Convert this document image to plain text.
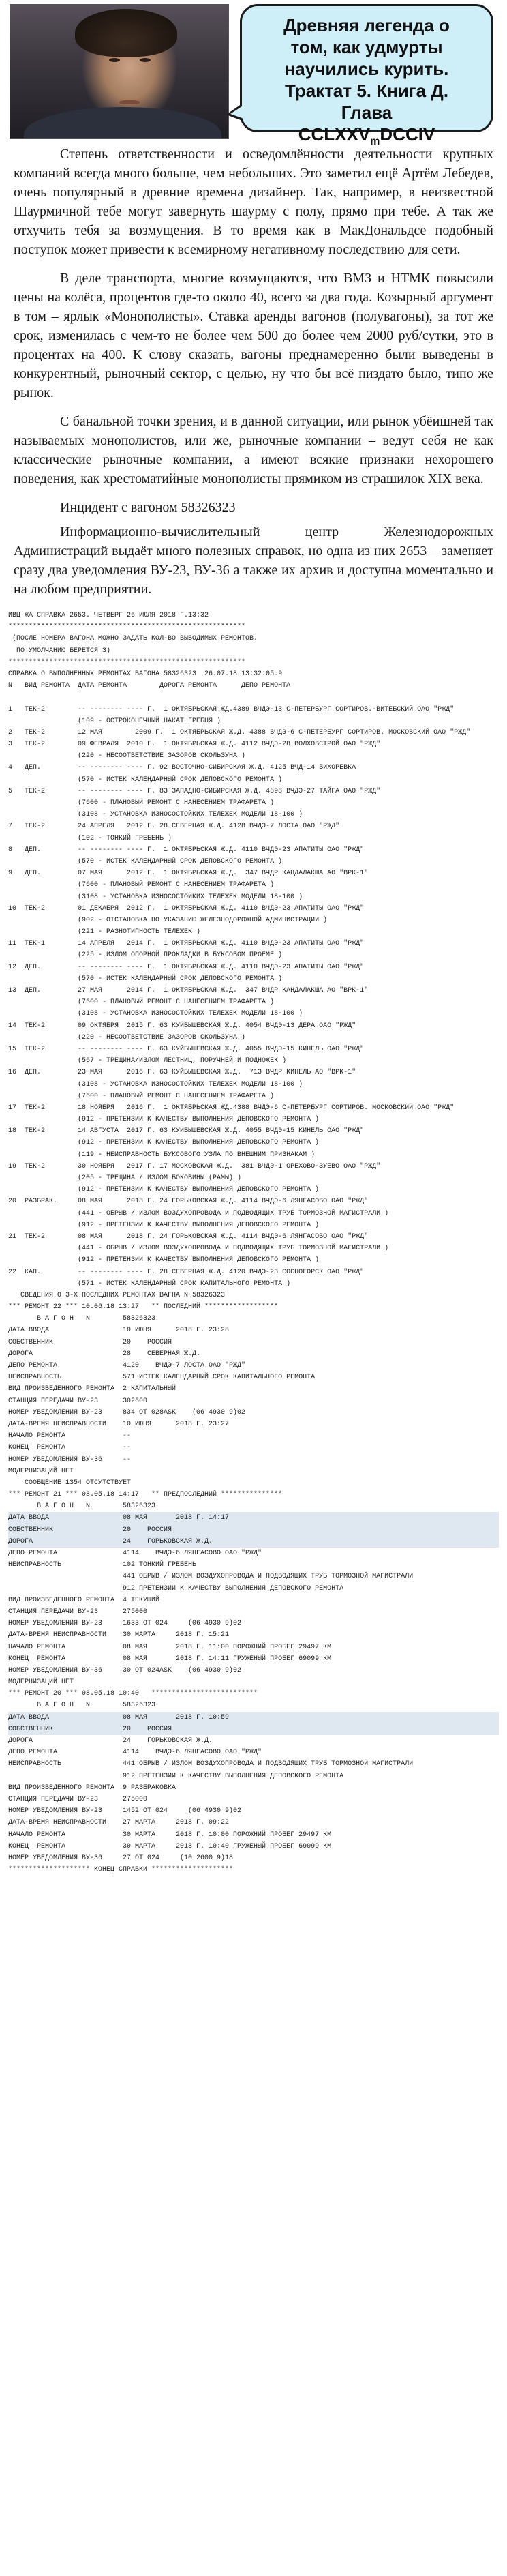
Древняя легенда о
том, как удмурты
научились курить.
Трактат 5. Книга Д.
Глава
$CCLXXV_mDCCIV$

Степень ответственности и осведомлённости деятельности крупных компаний всегда много больше, чем небольших. Это заметил ещё Артём Лебедев, очень популярный в древние времена дизайнер. Так, например, в неизвестной Шаурмичной тебе могут завернуть шаурму с полу, прямо при тебе. А так же отхучить тебя за возмущения. В то время как в МакДональдсе подобный поступок может привести к всемирному негативному последствию для сети.

В деле транспорта, многие возмущаются, что ВМЗ и НТМК повысили цены на колёса, процентов где-то около 40, всего за два года. Козырный аргумент в том – ярлык «Монополисты». Ставка аренды вагонов (полувагоны), за тот же срок, изменилась с чем-то не более чем 500 до более чем 2000 руб/сутки, это в процентах на 400. К слову сказать, вагоны преднамеренно были выведены в конкурентный, рыночный сектор, с целью, ну что бы всё пиздато было, типо же рынок.

С банальной точки зрения, и в данной ситуации, или рынок убёишней так называемых монополистов, или же, рыночные компании – ведут себя не как классические рыночные компании, а имеют всякие признаки нехорошего поведения, как хрестоматийные монополисты прямиком из страшилок XIX века.

Инцидент с вагоном 58326323

Информационно-вычислительный центр Железнодорожных Администраций выдаёт много полезных справок, но одна из них 2653 – заменяет сразу два уведомления ВУ-23, ВУ-36 а также их архив и доступна моментально и на любом предприятии.

ИВЦ ЖА СПРАВКА 2653. ЧЕТВЕРГ 26 ИЮЛЯ 2018 Г.13:32
**********************************************************
(ПОСЛЕ НОМЕРА ВАГОНА МОЖНО ЗАДАТЬ КОЛ-ВО ВЫВОДИМЫХ РЕМОНТОВ.
ПО УМОЛЧАНИЮ БЕРЕТСЯ 3)
**********************************************************
СПРАВКА О ВЫПОЛНЕННЫХ РЕМОНТАХ ВАГОНА 58326323  26.07.18 13:32:05.9
N   ВИД РЕМОНТА  ДАТА РЕМОНТА        ДОРОГА РЕМОНТА      ДЕПО РЕМОНТА
1   ТЕК-2        -- -------- ---- Г.  1 ОКТЯБРЬСКАЯ ЖД.4389 ВЧДЭ-13 С-ПЕТЕРБУРГ СОРТИРОВ.-ВИТЕБСКИЙ ОАО "РЖД"
(109 - ОСТРОКОНЕЧНЫЙ НАКАТ ГРЕБНЯ )
2   ТЕК-2        12 МАЯ        2009 Г.  1 ОКТЯБРЬСКАЯ Ж.Д. 4388 ВЧДЭ-6 С-ПЕТЕРБУРГ СОРТИРОВ. МОСКОВСКИЙ ОАО "РЖД"
3   ТЕК-2        09 ФЕВРАЛЯ  2010 Г.  1 ОКТЯБРЬСКАЯ Ж.Д. 4112 ВЧДЭ-28 ВОЛХОВСТРОЙ ОАО "РЖД"
(220 - НЕСООТВЕТСТВИЕ ЗАЗОРОВ СКОЛЬЗУНА )
4   ДЕП.         -- -------- ---- Г. 92 ВОСТОЧНО-СИБИРСКАЯ Ж.Д. 4125 ВЧД-14 ВИХОРЕВКА
(570 - ИСТЕК КАЛЕНДАРНЫЙ СРОК ДЕПОВСКОГО РЕМОНТА )
5   ТЕК-2        -- -------- ---- Г. 83 ЗАПАДНО-СИБИРСКАЯ Ж.Д. 4898 ВЧДЭ-27 ТАЙГА ОАО "РЖД"
(7600 - ПЛАНОВЫЙ РЕМОНТ С НАНЕСЕНИЕМ ТРАФАРЕТА )
(3108 - УСТАНОВКА ИЗНОСОСТОЙКИХ ТЕЛЕЖЕК МОДЕЛИ 18-100 )
7   ТЕК-2        24 АПРЕЛЯ   2012 Г. 28 СЕВЕРНАЯ Ж.Д. 4128 ВЧДЭ-7 ЛОСТА ОАО "РЖД"
(102 - ТОНКИЙ ГРЕБЕНЬ )
8   ДЕП.         -- -------- ---- Г.  1 ОКТЯБРЬСКАЯ Ж.Д. 4110 ВЧДЭ-23 АПАТИТЫ ОАО "РЖД"
(570 - ИСТЕК КАЛЕНДАРНЫЙ СРОК ДЕПОВСКОГО РЕМОНТА )
9   ДЕП.         07 МАЯ      2012 Г.  1 ОКТЯБРЬСКАЯ Ж.Д.  347 ВЧДР КАНДАЛАКША АО "ВРК-1"
(7600 - ПЛАНОВЫЙ РЕМОНТ С НАНЕСЕНИЕМ ТРАФАРЕТА )
(3108 - УСТАНОВКА ИЗНОСОСТОЙКИХ ТЕЛЕЖЕК МОДЕЛИ 18-100 )
10  ТЕК-2        01 ДЕКАБРЯ  2012 Г.  1 ОКТЯБРЬСКАЯ Ж.Д. 4110 ВЧДЭ-23 АПАТИТЫ ОАО "РЖД"
(902 - ОТСТАНОВКА ПО УКАЗАНИЮ ЖЕЛЕЗНОДОРОЖНОЙ АДМИНИСТРАЦИИ )
(221 - РАЗНОТИПНОСТЬ ТЕЛЕЖЕК )
11  ТЕК-1        14 АПРЕЛЯ   2014 Г.  1 ОКТЯБРЬСКАЯ Ж.Д. 4110 ВЧДЭ-23 АПАТИТЫ ОАО "РЖД"
(225 - ИЗЛОМ ОПОРНОЙ ПРОКЛАДКИ В БУКСОВОМ ПРОЕМЕ )
12  ДЕП.         -- -------- ---- Г.  1 ОКТЯБРЬСКАЯ Ж.Д. 4110 ВЧДЭ-23 АПАТИТЫ ОАО "РЖД"
(570 - ИСТЕК КАЛЕНДАРНЫЙ СРОК ДЕПОВСКОГО РЕМОНТА )
13  ДЕП.         27 МАЯ      2014 Г.  1 ОКТЯБРЬСКАЯ Ж.Д.  347 ВЧДР КАНДАЛАКША АО "ВРК-1"
(7600 - ПЛАНОВЫЙ РЕМОНТ С НАНЕСЕНИЕМ ТРАФАРЕТА )
(3108 - УСТАНОВКА ИЗНОСОСТОЙКИХ ТЕЛЕЖЕК МОДЕЛИ 18-100 )
14  ТЕК-2        09 ОКТЯБРЯ  2015 Г. 63 КУЙБЫШЕВСКАЯ Ж.Д. 4054 ВЧДЭ-13 ДЕРА ОАО "РЖД"
(220 - НЕСООТВЕТСТВИЕ ЗАЗОРОВ СКОЛЬЗУНА )
15  ТЕК-2        -- -------- ---- Г. 63 КУЙБЫШЕВСКАЯ Ж.Д. 4055 ВЧДЭ-15 КИНЕЛЬ ОАО "РЖД"
(567 - ТРЕЩИНА/ИЗЛОМ ЛЕСТНИЦ, ПОРУЧНЕЙ И ПОДНОЖЕК )
16  ДЕП.         23 МАЯ      2016 Г. 63 КУЙБЫШЕВСКАЯ Ж.Д.  713 ВЧДР КИНЕЛЬ АО "ВРК-1"
(3108 - УСТАНОВКА ИЗНОСОСТОЙКИХ ТЕЛЕЖЕК МОДЕЛИ 18-100 )
(7600 - ПЛАНОВЫЙ РЕМОНТ С НАНЕСЕНИЕМ ТРАФАРЕТА )
17  ТЕК-2        18 НОЯБРЯ   2016 Г.  1 ОКТЯБРЬСКАЯ ЖД.4388 ВЧДЭ-6 С-ПЕТЕРБУРГ СОРТИРОВ. МОСКОВСКИЙ ОАО "РЖД"
(912 - ПРЕТЕНЗИИ К КАЧЕСТВУ ВЫПОЛНЕНИЯ ДЕПОВСКОГО РЕМОНТА )
18  ТЕК-2        14 АВГУСТА  2017 Г. 63 КУЙБЫШЕВСКАЯ Ж.Д. 4055 ВЧДЭ-15 КИНЕЛЬ ОАО "РЖД"
(912 - ПРЕТЕНЗИИ К КАЧЕСТВУ ВЫПОЛНЕНИЯ ДЕПОВСКОГО РЕМОНТА )
(119 - НЕИСПРАВНОСТЬ БУКСОВОГО УЗЛА ПО ВНЕШНИМ ПРИЗНАКАМ )
19  ТЕК-2        30 НОЯБРЯ   2017 Г. 17 МОСКОВСКАЯ Ж.Д.  381 ВЧДЭ-1 ОРЕХОВО-ЗУЕВО ОАО "РЖД"
(205 - ТРЕЩИНА / ИЗЛОМ БОКОВИНЫ (РАМЫ) )
(912 - ПРЕТЕНЗИИ К КАЧЕСТВУ ВЫПОЛНЕНИЯ ДЕПОВСКОГО РЕМОНТА )
20  РАЗБРАК.     08 МАЯ      2018 Г. 24 ГОРЬКОВСКАЯ Ж.Д. 4114 ВЧДЭ-6 ЛЯНГАСОВО ОАО "РЖД"
(441 - ОБРЫВ / ИЗЛОМ ВОЗДУХОПРОВОДА И ПОДВОДЯЩИХ ТРУБ ТОРМОЗНОЙ МАГИСТРАЛИ )
(912 - ПРЕТЕНЗИИ К КАЧЕСТВУ ВЫПОЛНЕНИЯ ДЕПОВСКОГО РЕМОНТА )
21  ТЕК-2        08 МАЯ      2018 Г. 24 ГОРЬКОВСКАЯ Ж.Д. 4114 ВЧДЭ-6 ЛЯНГАСОВО ОАО "РЖД"
(441 - ОБРЫВ / ИЗЛОМ ВОЗДУХОПРОВОДА И ПОДВОДЯЩИХ ТРУБ ТОРМОЗНОЙ МАГИСТРАЛИ )
(912 - ПРЕТЕНЗИИ К КАЧЕСТВУ ВЫПОЛНЕНИЯ ДЕПОВСКОГО РЕМОНТА )
22  КАП.         -- -------- ---- Г. 28 СЕВЕРНАЯ Ж.Д. 4120 ВЧДЭ-23 СОСНОГОРСК ОАО "РЖД"
(571 - ИСТЕК КАЛЕНДАРНЫЙ СРОК КАПИТАЛЬНОГО РЕМОНТА )
СВЕДЕНИЯ О 3-Х ПОСЛЕДНИХ РЕМОНТАХ ВАГНА N 58326323
*** РЕМОНТ 22 *** 10.06.18 13:27   ** ПОСЛЕДНИЙ ******************
В А Г О Н   N        58326323
ДАТА ВВОДА                  10 ИЮНЯ      2018 Г. 23:28
СОБСТВЕННИК                 20    РОССИЯ
ДОРОГА                      28    СЕВЕРНАЯ Ж.Д.
ДЕПО РЕМОНТА                4120    ВЧДЭ-7 ЛОСТА ОАО "РЖД"
НЕИСПРАВНОСТЬ               571 ИСТЕК КАЛЕНДАРНЫЙ СРОК КАПИТАЛЬНОГО РЕМОНТА
ВИД ПРОИЗВЕДЕННОГО РЕМОНТА  2 КАПИТАЛЬНЫЙ
СТАНЦИЯ ПЕРЕДАЧИ ВУ-23      302600
НОМЕР УВЕДОМЛЕНИЯ ВУ-23     834 ОТ 028АSK    (06 4930 9)02
ДАТА-ВРЕМЯ НЕИСПРАВНОСТИ    10 ИЮНЯ      2018 Г. 23:27
НАЧАЛО РЕМОНТА              --
КОНЕЦ  РЕМОНТА              --
НОМЕР УВЕДОМЛЕНИЯ ВУ-36     --
МОДЕРНИЗАЦИЙ НЕТ
СООБЩЕНИЕ 1354 ОТСУТСТВУЕТ
*** РЕМОНТ 21 *** 08.05.18 14:17   ** ПРЕДПОСЛЕДНИЙ ***************
В А Г О Н   N        58326323
ДАТА ВВОДА                  08 МАЯ       2018 Г. 14:17
СОБСТВЕННИК                 20    РОССИЯ
ДОРОГА                      24    ГОРЬКОВСКАЯ Ж.Д.
ДЕПО РЕМОНТА                4114    ВЧДЭ-6 ЛЯНГАСОВО ОАО "РЖД"
НЕИСПРАВНОСТЬ               102 ТОНКИЙ ГРЕБЕНЬ
441 ОБРЫВ / ИЗЛОМ ВОЗДУХОПРОВОДА И ПОДВОДЯЩИХ ТРУБ ТОРМОЗНОЙ МАГИСТРАЛИ
912 ПРЕТЕНЗИИ К КАЧЕСТВУ ВЫПОЛНЕНИЯ ДЕПОВСКОГО РЕМОНТА
ВИД ПРОИЗВЕДЕННОГО РЕМОНТА  4 ТЕКУЩИЙ
СТАНЦИЯ ПЕРЕДАЧИ ВУ-23      275000
НОМЕР УВЕДОМЛЕНИЯ ВУ-23     1633 ОТ 024     (06 4930 9)02
ДАТА-ВРЕМЯ НЕИСПРАВНОСТИ    30 МАРТА     2018 Г. 15:21
НАЧАЛО РЕМОНТА              08 МАЯ       2018 Г. 11:00 ПОРОЖНИЙ ПРОБЕГ 29497 КМ
КОНЕЦ  РЕМОНТА              08 МАЯ       2018 Г. 14:11 ГРУЖЕНЫЙ ПРОБЕГ 69099 КМ
НОМЕР УВЕДОМЛЕНИЯ ВУ-36     30 ОТ 024ASK    (06 4930 9)02
МОДЕРНИЗАЦИЙ НЕТ
*** РЕМОНТ 20 *** 08.05.18 10:40   **************************
В А Г О Н   N        58326323
ДАТА ВВОДА                  08 МАЯ       2018 Г. 10:59
СОБСТВЕННИК                 20    РОССИЯ
ДОРОГА                      24    ГОРЬКОВСКАЯ Ж.Д.
ДЕПО РЕМОНТА                4114    ВЧДЭ-6 ЛЯНГАСОВО ОАО "РЖД"
НЕИСПРАВНОСТЬ               441 ОБРЫВ / ИЗЛОМ ВОЗДУХОПРОВОДА И ПОДВОДЯЩИХ ТРУБ ТОРМОЗНОЙ МАГИСТРАЛИ
912 ПРЕТЕНЗИИ К КАЧЕСТВУ ВЫПОЛНЕНИЯ ДЕПОВСКОГО РЕМОНТА
ВИД ПРОИЗВЕДЕННОГО РЕМОНТА  9 РАЗБРАКОВКА
СТАНЦИЯ ПЕРЕДАЧИ ВУ-23      275000
НОМЕР УВЕДОМЛЕНИЯ ВУ-23     1452 ОТ 024     (06 4930 9)02
ДАТА-ВРЕМЯ НЕИСПРАВНОСТИ    27 МАРТА     2018 Г. 09:22
НАЧАЛО РЕМОНТА              30 МАРТА     2018 Г. 10:00 ПОРОЖНИЙ ПРОБЕГ 29497 КМ
КОНЕЦ  РЕМОНТА              30 МАРТА     2018 Г. 10:40 ГРУЖЕНЫЙ ПРОБЕГ 69099 КМ
НОМЕР УВЕДОМЛЕНИЯ ВУ-36     27 ОТ 024     (10 2600 9)18
******************** КОНЕЦ СПРАВКИ ********************
